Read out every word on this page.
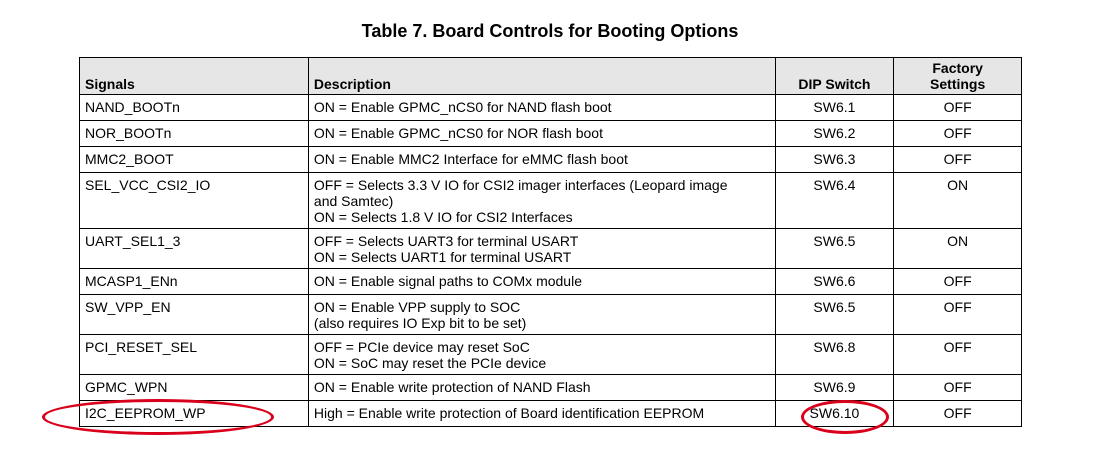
Table 7. Board Controls for Booting Options
Signals	Description	DIP Switch	Factory
Settings

NAND_BOOTn	ON = Enable GPMC_nCS0 for NAND flash boot	SW6.1	OFF
NOR_BOOTn	ON = Enable GPMC_nCS0 for NOR flash boot	SW6.2	OFF
MMC2_BOOT	ON = Enable MMC2 Interface for eMMC flash boot	SW6.3	OFF
SEL_VCC_CSI2_IO	OFF = Selects 3.3 V IO for CSI2 imager interfaces (Leopard image
and Samtec)
ON = Selects 1.8 V IO for CSI2 Interfaces	SW6.4	ON
UART_SEL1_3	OFF = Selects UART3 for terminal USART
ON = Selects UART1 for terminal USART	SW6.5	ON
MCASP1_ENn	ON = Enable signal paths to COMx module	SW6.6	OFF
SW_VPP_EN	ON = Enable VPP supply to SOC
(also requires IO Exp bit to be set)	SW6.5	OFF
PCI_RESET_SEL	OFF = PCIe device may reset SoC
ON = SoC may reset the PCIe device	SW6.8	OFF
GPMC_WPN	ON = Enable write protection of NAND Flash	SW6.9	OFF
I2C_EEPROM_WP	High = Enable write protection of Board identification EEPROM	SW6.10	OFF
